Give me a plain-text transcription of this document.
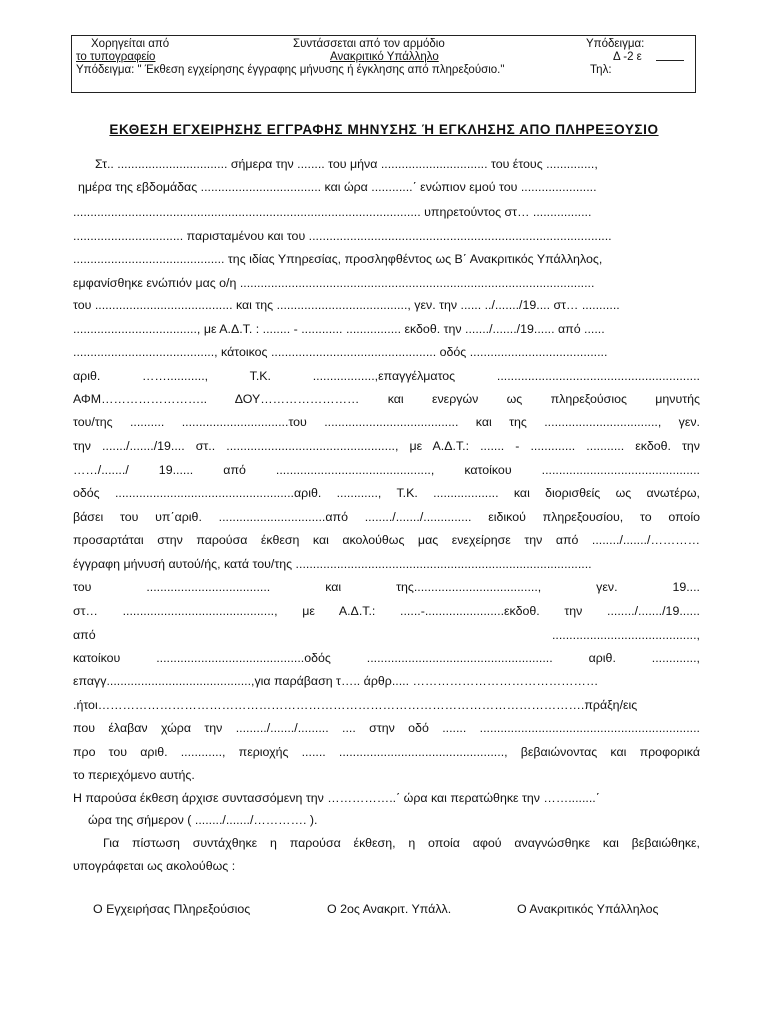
Χορηγείται από	Συντάσσεται από τον αρμόδιο	Υπόδειγμα:
το τυπογραφείο	Ανακριτικό Υπάλληλο	Δ -2 ε
Υπόδειγμα: " Έκθεση εγχείρησης έγγραφης μήνυσης ή έγκλησης από πληρεξούσιο."	Τηλ:
ΕΚΘΕΣΗ ΕΓΧΕΙΡΗΣΗΣ ΕΓΓΡΑΦΗΣ ΜΗΝΥΣΗΣ Ή ΕΓΚΛΗΣΗΣ ΑΠΟ ΠΛΗΡΕΞΟΥΣΙΟ
Στ.. ................................ σήμερα την ........ του μήνα ............................... του έτους ..............,
ημέρα της εβδομάδας ................................... και ώρα ............΄ ενώπιον εμού του ......................
..................................................................................................... υπηρετούντος στ… .................
................................ παρισταμένου και του ........................................................................................
............................................ της ιδίας Υπηρεσίας, προσληφθέντος ως Β΄ Ανακριτικός Υπάλληλος,
εμφανίσθηκε ενώπιόν μας ο/η .......................................................................................................
του ........................................ και της ......................................, γεν. την ...... ../......./19.... στ… ...........
...................................., με Α.Δ.Τ. : ........ - ............ ................ εκδοθ. την ......./......./19...... από ......
........................................., κάτοικος ................................................ οδός ........................................
αριθ. ……..........., Τ.Κ. ..................,επαγγέλματος ...........................................................
ΑΦΜ…………………….. ΔΟΥ…………………… και ενεργών ως πληρεξούσιος μηνυτής
του/της .......... ...............................του ....................................... και της ................................., γεν.
την ......./......./19.... στ.. ................................................., με Α.Δ.Τ.: ....... - ............. ........... εκδοθ. την
……/......./ 19...... από ............................................., κατοίκου ..............................................
οδός ....................................................αριθ. ............, Τ.Κ. ................... και διορισθείς ως ανωτέρω,
βάσει του υπ΄αριθ. ...............................από ......../......./.............. ειδικού πληρεξουσίου, το οποίο
προσαρτάται στην παρούσα έκθεση και ακολούθως μας ενεχείρησε την από ......../......./…………
έγγραφη μήνυσή αυτού/ής, κατά του/της ......................................................................................
του .................................... και της...................................., γεν. 19....
στ… ............................................, με Α.Δ.Τ.: ......-.......................εκδοθ. την ......../......./19......
από ..........................................,
κατοίκου ...........................................οδός ...................................................... αριθ. .............,
επαγγ..........................................,για παράβαση τ….. άρθρ..... ………………………………………
.ήτοι……………………………………………………………………………………………………….πράξη/εις
που έλαβαν χώρα την ........./......./......... .... στην οδό ....... ................................................................
προ του αριθ. ............, περιοχής ....... ................................................, βεβαιώνοντας και προφορικά
το περιεχόμενο αυτής.
Η παρούσα έκθεση άρχισε συντασσόμενη την ……………..΄ ώρα και περατώθηκε την ……........΄
ώρα της σήμερον ( ......../......./…………. ).
Για πίστωση συντάχθηκε η παρούσα έκθεση, η οποία αφού αναγνώσθηκε και βεβαιώθηκε,
υπογράφεται ως ακολούθως :
Ο Εγχειρήσας Πληρεξούσιος	Ο 2ος Ανακριτ. Υπάλλ.	Ο Ανακριτικός Υπάλληλος
